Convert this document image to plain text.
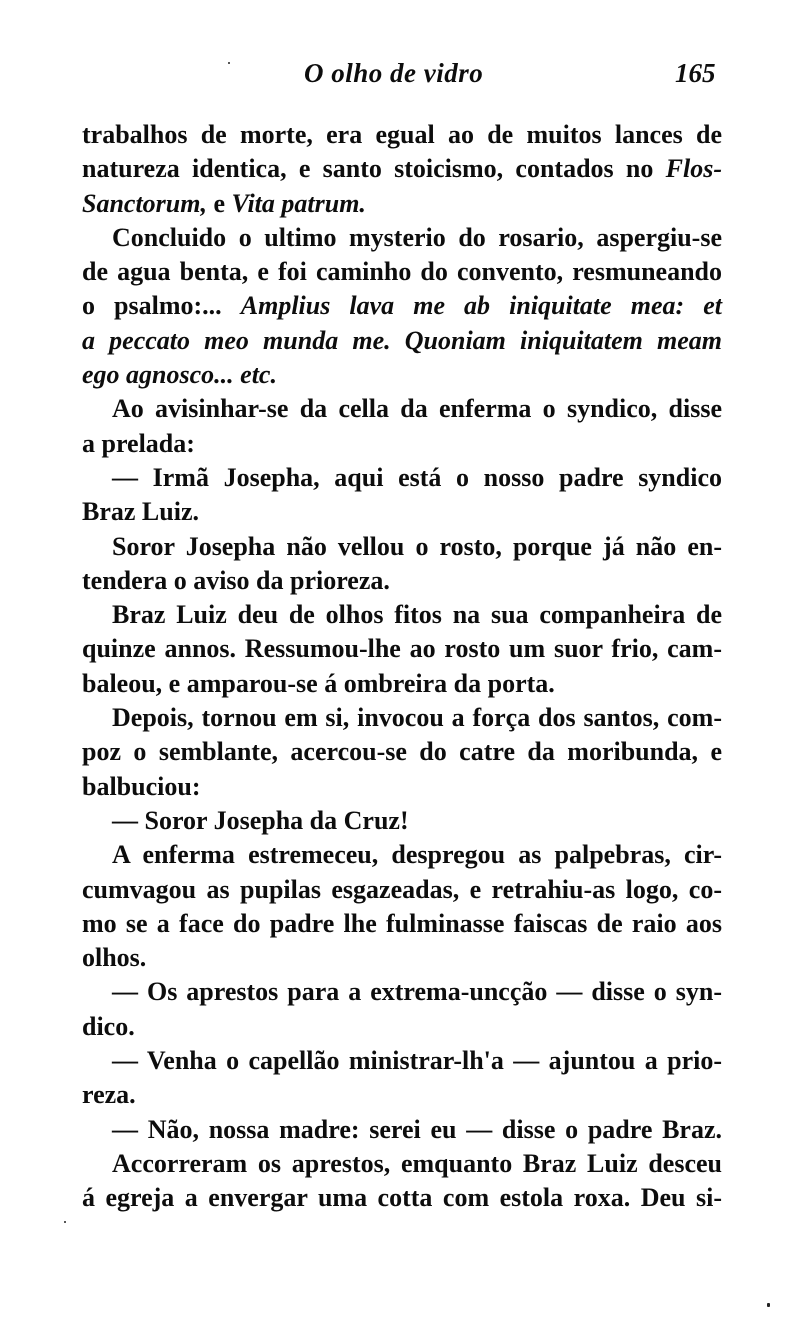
O olho de vidro	165
trabalhos de morte, era egual ao de muitos lances de
natureza identica, e santo stoicismo, contados no Flos-
Sanctorum, e Vita patrum.
Concluido o ultimo mysterio do rosario, aspergiu-se
de agua benta, e foi caminho do convento, resmuneando
o psalmo:... Amplius lava me ab iniquitate mea: et
a peccato meo munda me. Quoniam iniquitatem meam
ego agnosco... etc.
Ao avisinhar-se da cella da enferma o syndico, disse
a prelada:
— Irmã Josepha, aqui está o nosso padre syndico
Braz Luiz.
Soror Josepha não vellou o rosto, porque já não en-
tendera o aviso da prioreza.
Braz Luiz deu de olhos fitos na sua companheira de
quinze annos. Ressumou-lhe ao rosto um suor frio, cam-
baleou, e amparou-se á ombreira da porta.
Depois, tornou em si, invocou a força dos santos, com-
poz o semblante, acercou-se do catre da moribunda, e
balbuciou:
— Soror Josepha da Cruz!
A enferma estremeceu, despregou as palpebras, cir-
cumvagou as pupilas esgazeadas, e retrahiu-as logo, co-
mo se a face do padre lhe fulminasse faiscas de raio aos
olhos.
— Os aprestos para a extrema-uncção — disse o syn-
dico.
— Venha o capellão ministrar-lh'a — ajuntou a prio-
reza.
— Não, nossa madre: serei eu — disse o padre Braz.
Accorreram os aprestos, emquanto Braz Luiz desceu
á egreja a envergar uma cotta com estola roxa. Deu si-
